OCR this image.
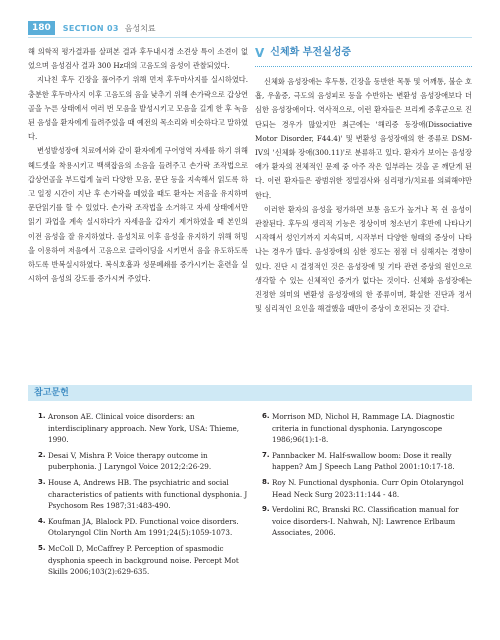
180	SECTION 03 음성치료

해 의학적 평가결과를 살펴본 결과 후두내시경 소견상 특이 소견이 없었으며 음성검사 결과 300 Hz대의 고음도의 음성이 관찰되었다.

지나친 후두 긴장을 풀어주기 위해 먼저 후두마사지를 실시하였다. 충분한 후두마사지 이후 고음도의 음을 낮추기 위해 손가락으로 갑상연골을 누른 상태에서 여러 번 모음을 발성시키고 모음을 길게 한 후 녹음된 음성을 환자에게 들려주었을 때 예전의 목소리와 비슷하다고 말하였다.

변성발성장애 치료에서와 같이 환자에게 구어영역 자세를 하기 위해 헤드셋을 착용시키고 백색잡음의 소음을 들려주고 손가락 조작법으로 갑상연골을 부드럽게 눌러 다양한 모음, 문단 등을 지속해서 읽도록 하고 일정 시간이 지난 후 손가락을 떼었을 때도 환자는 저음을 유지하며 문단읽기를 할 수 있었다. 손가락 조작법을 소거하고 자세 상태에서만 읽기 과업을 계속 실시하다가 자세음을 갑자기 제거하였을 때 본인의 이전 음성을 잘 유지하였다. 음성치료 이후 음성을 유지하기 위해 허밍을 이용하여 저음에서 고음으로 글라이딩을 시키면서 음을 유도하도록 하도록 반복실시하였다. 복식호흡과 성문폐쇄를 증가시키는 훈련을 실시하여 음성의 강도를 증가시켜 주었다.

V 신체화 부전실성증

신체화 음성장애는 후두통, 긴장을 동반한 목통 및 어깨통, 불순 호흡, 우울증, 극도의 음성피로 등을 수반하는 변환성 음성장애보다 더 심한 음성장애이다. 역사적으로, 이런 환자들은 브리케 증후군으로 진단되는 경우가 많았지만 최근에는 '해리증 동장애(Dissociative Motor Disorder, F44.4)' 및 변환성 음성장애의 한 종류로 DSM-IV의 '신체화 장애(300.11)'로 분류하고 있다. 환자가 보이는 음성장애가 환자의 전체적인 문제 중 아주 작은 일부라는 것을 곧 깨닫게 된다. 이런 환자들은 광범위한 정밀검사와 심리평가/치료를 의뢰해야만 한다.

이러한 환자의 음성을 평가하면 보통 음도가 높거나 목 쉰 음성이 관찰된다. 후두의 생리적 기능은 정상이며 청소년기 후반에 나타나기 시작해서 성인기까지 지속되며, 시작부터 다양한 형태의 증상이 나타나는 경우가 많다. 음성장애의 심한 정도는 점점 더 심해지는 경향이 있다. 진단 시 결정적인 것은 음성장애 및 기타 관련 증상의 원인으로 생각할 수 있는 신체적인 증거가 없다는 것이다. 신체화 음성장애는 진정한 의미의 변환성 음성장애의 한 종류이며, 확실한 진단과 정서 및 심리적인 요인을 해결했을 때만이 증상이 호전되는 것 같다.

참고문헌
1. Aronson AE. Clinical voice disorders: an interdisciplinary approach. New York, USA: Thieme, 1990.
2. Desai V, Mishra P. Voice therapy outcome in puberphonia. J Laryngol Voice 2012;2:26-29.
3. House A, Andrews HB. The psychiatric and social characteristics of patients with functional dysphonia. J Psychosom Res 1987;31:483-490.
4. Koufman JA, Blalock PD. Functional voice disorders. Otolaryngol Clin North Am 1991;24(5):1059-1073.
5. McColl D, McCaffrey P. Perception of spasmodic dysphonia speech in background noise. Percept Mot Skills 2006;103(2):629-635.
6. Morrison MD, Nichol H, Rammage LA. Diagnostic criteria in functional dysphonia. Laryngoscope 1986;96(1):1-8.
7. Pannbacker M. Half-swallow boom: Dose it really happen? Am J Speech Lang Pathol 2001:10:17-18.
8. Roy N. Functional dysphonia. Curr Opin Otolaryngol Head Neck Surg 2023:11:144 - 48.
9. Verdolini RC, Branski RC. Classification manual for voice disorders-I. Nahwah, NJ: Lawrence Erlbaum Associates, 2006.
